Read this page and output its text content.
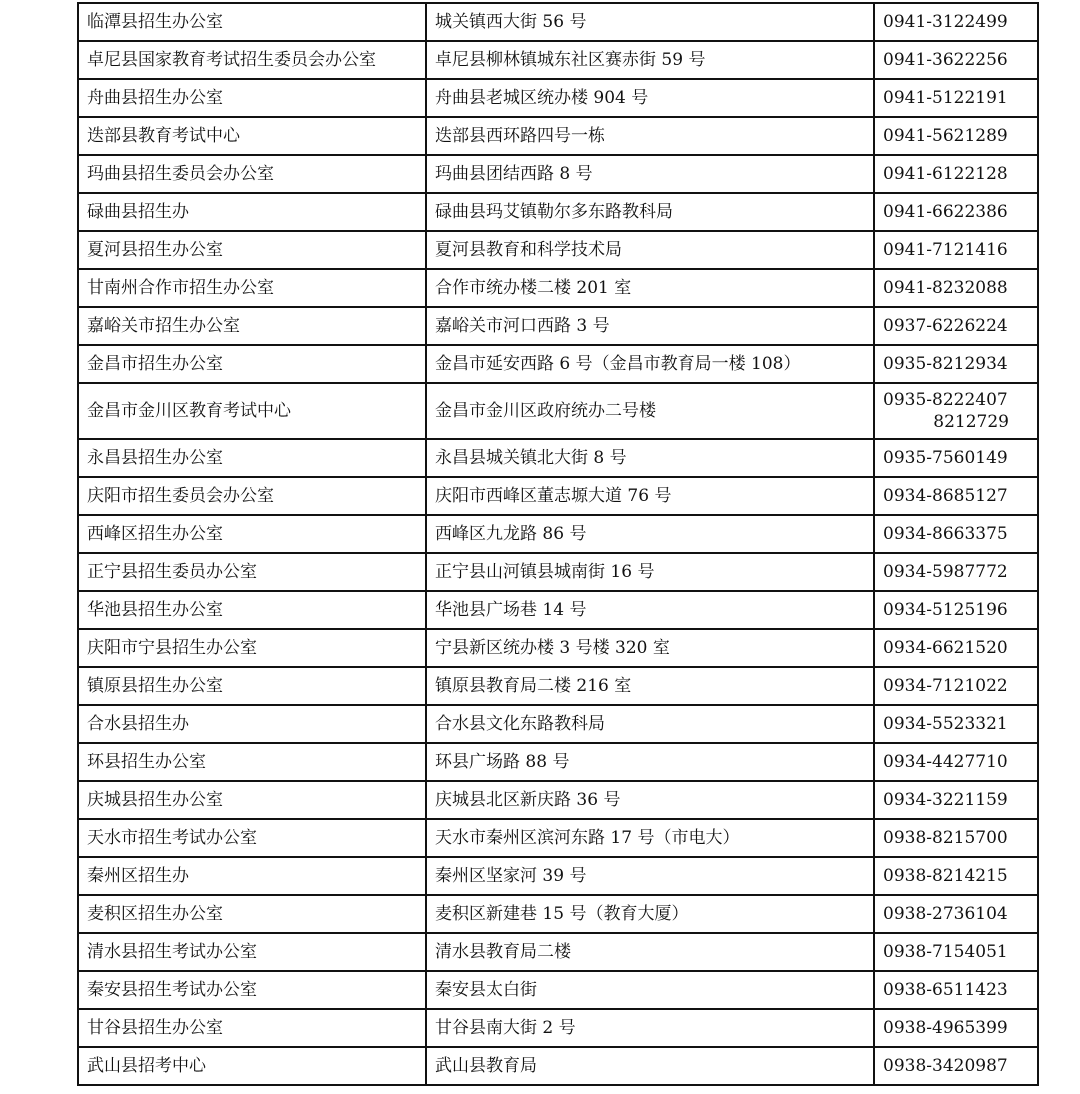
临潭县招生办公室	城关镇西大街 56 号	0941-3122499
卓尼县国家教育考试招生委员会办公室	卓尼县柳林镇城东社区赛赤街 59 号	0941-3622256
舟曲县招生办公室	舟曲县老城区统办楼 904 号	0941-5122191
迭部县教育考试中心	迭部县西环路四号一栋	0941-5621289
玛曲县招生委员会办公室	玛曲县团结西路 8 号	0941-6122128
碌曲县招生办	碌曲县玛艾镇勒尔多东路教科局	0941-6622386
夏河县招生办公室	夏河县教育和科学技术局	0941-7121416
甘南州合作市招生办公室	合作市统办楼二楼 201 室	0941-8232088
嘉峪关市招生办公室	嘉峪关市河口西路 3 号	0937-6226224
金昌市招生办公室	金昌市延安西路 6 号（金昌市教育局一楼 108）	0935-8212934
金昌市金川区教育考试中心	金昌市金川区政府统办二号楼	0935-8222407
8212729

永昌县招生办公室	永昌县城关镇北大街 8 号	0935-7560149
庆阳市招生委员会办公室	庆阳市西峰区董志塬大道 76 号	0934-8685127
西峰区招生办公室	西峰区九龙路 86 号	0934-8663375
正宁县招生委员办公室	正宁县山河镇县城南街 16 号	0934-5987772
华池县招生办公室	华池县广场巷 14 号	0934-5125196
庆阳市宁县招生办公室	宁县新区统办楼 3 号楼 320 室	0934-6621520
镇原县招生办公室	镇原县教育局二楼 216 室	0934-7121022
合水县招生办	合水县文化东路教科局	0934-5523321
环县招生办公室	环县广场路 88 号	0934-4427710
庆城县招生办公室	庆城县北区新庆路 36 号	0934-3221159
天水市招生考试办公室	天水市秦州区滨河东路 17 号（市电大）	0938-8215700
秦州区招生办	秦州区坚家河 39 号	0938-8214215
麦积区招生办公室	麦积区新建巷 15 号（教育大厦）	0938-2736104
清水县招生考试办公室	清水县教育局二楼	0938-7154051
秦安县招生考试办公室	秦安县太白街	0938-6511423
甘谷县招生办公室	甘谷县南大街 2 号	0938-4965399
武山县招考中心	武山县教育局	0938-3420987
